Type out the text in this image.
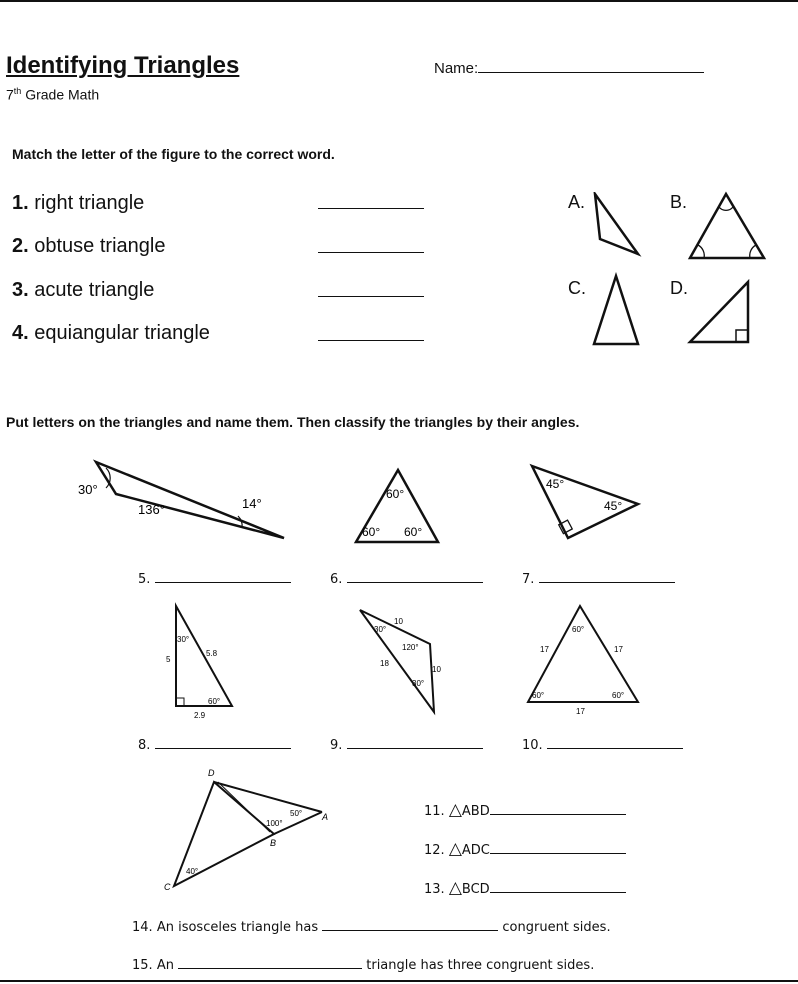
Identifying Triangles
7th Grade Math
Name:
Match the letter of the figure to the correct word.
1. right triangle
2. obtuse triangle
3. acute triangle
4. equiangular triangle
A.	B.
C.	D.
Put letters on the triangles and name them. Then classify the triangles by their angles.
30°
136°	14°
60°
60° 60°
45°
45°
5.	6.	7.
30°
60°
5
5.8
2.9
30°
120°
30°
10
18
10
60°
60°	60°
17	17
17
8.	9.	10.
D
A
B
C
50°
100°
40°
11. △ABD
12. △ADC
13. △BCD
14. An isosceles triangle has	congruent sides.
15. An	triangle has three congruent sides.
